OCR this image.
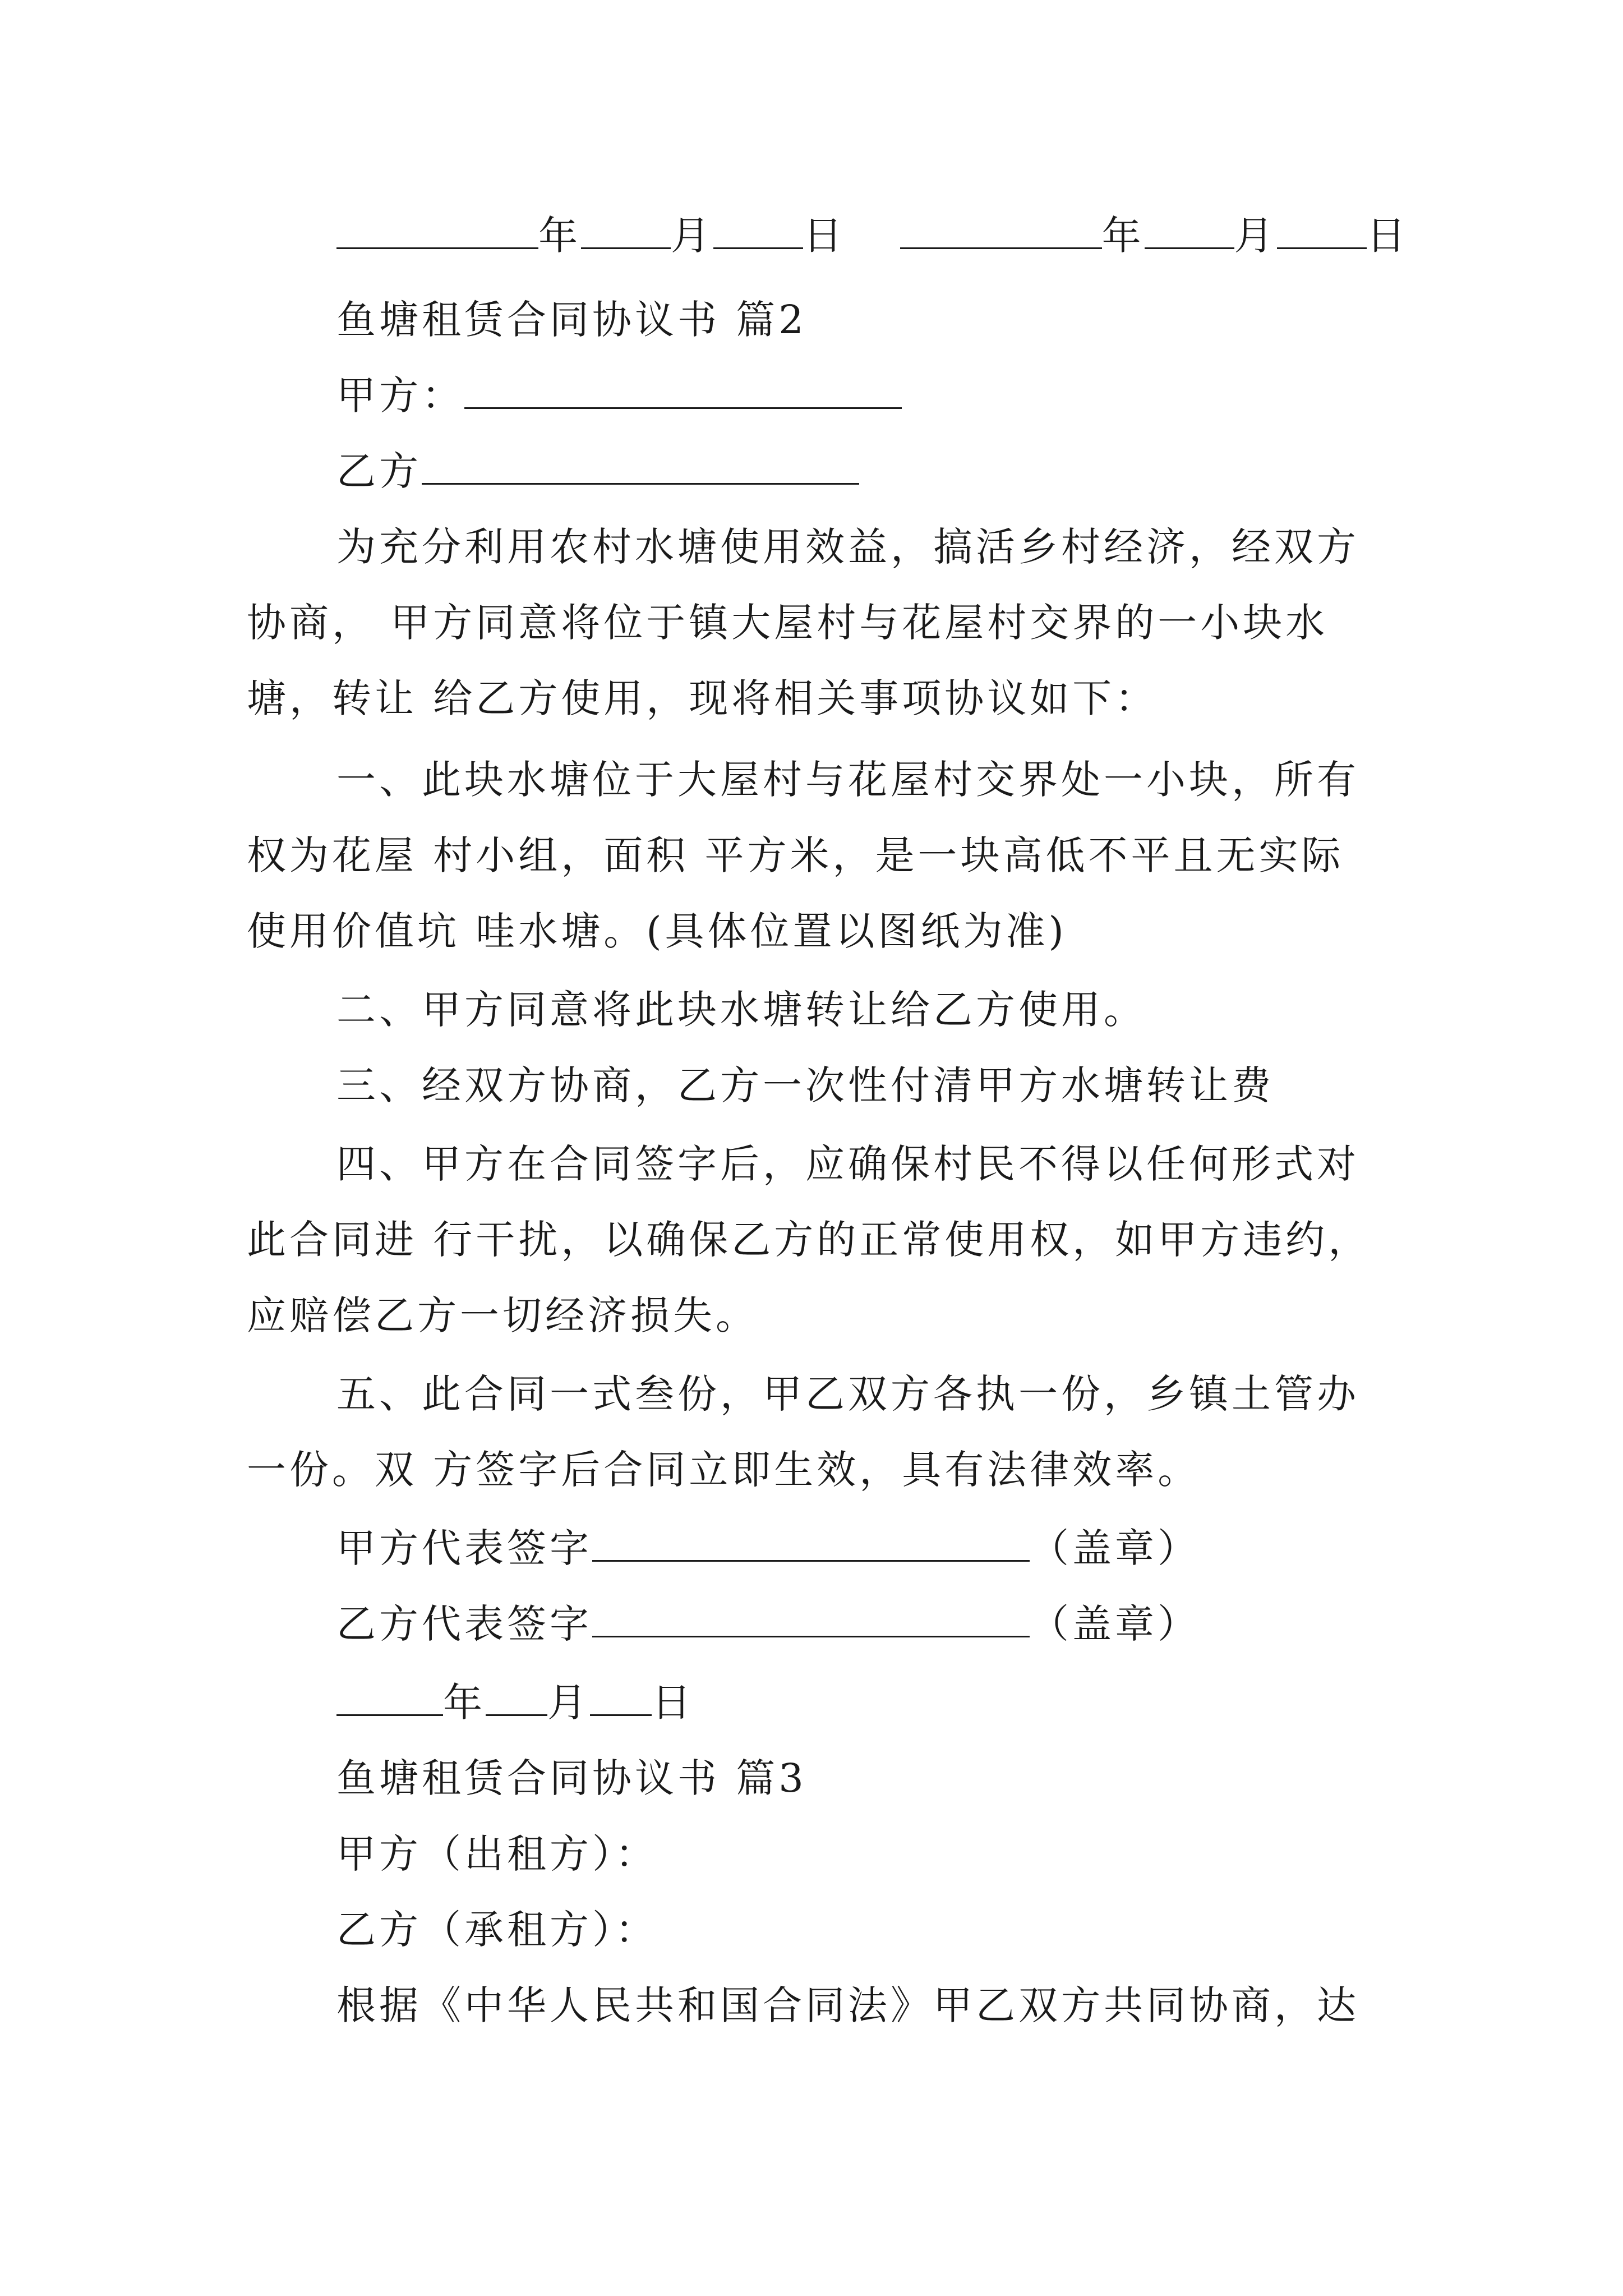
年 月 日	年 月 日
鱼塘租赁合同协议书 篇2
甲方：
乙方
为充分利用农村水塘使用效益，搞活乡村经济，经双方
协商， 甲方同意将位于镇大屋村与花屋村交界的一小块水
塘，转让 给乙方使用，现将相关事项协议如下：
一、此块水塘位于大屋村与花屋村交界处一小块，所有
权为花屋 村小组，面积 平方米，是一块高低不平且无实际
使用价值坑 哇水塘。(具体位置以图纸为准)
二、甲方同意将此块水塘转让给乙方使用。
三、经双方协商，乙方一次性付清甲方水塘转让费
四、甲方在合同签字后，应确保村民不得以任何形式对
此合同进 行干扰，以确保乙方的正常使用权，如甲方违约，
应赔偿乙方一切经济损失。
五、此合同一式叁份，甲乙双方各执一份，乡镇土管办
一份。双 方签字后合同立即生效，具有法律效率。
甲方代表签字	（盖章）
乙方代表签字	（盖章）
年 月 日
鱼塘租赁合同协议书 篇3
甲方（出租方）：
乙方（承租方）：
根据《中华人民共和国合同法》甲乙双方共同协商，达
